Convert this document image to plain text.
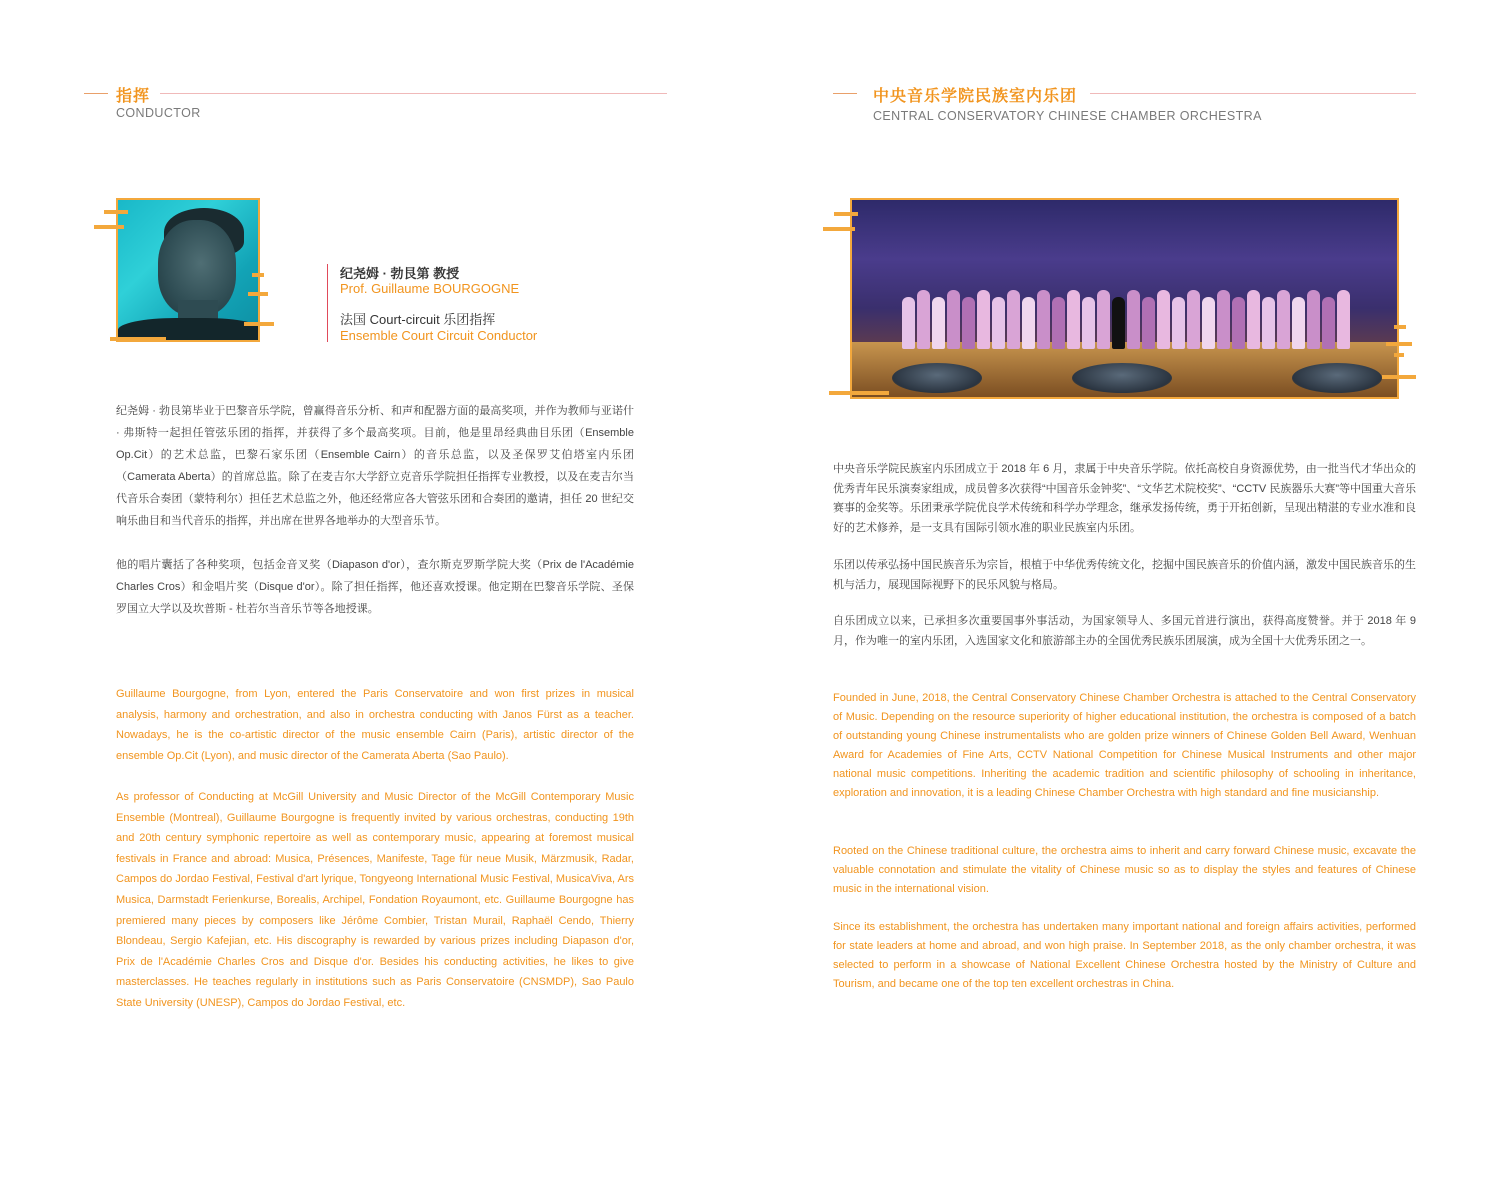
指挥
CONDUCTOR
纪尧姆 · 勃艮第 教授
Prof. Guillaume BOURGOGNE
法国 Court-circuit 乐团指挥
Ensemble Court Circuit Conductor

纪尧姆 · 勃艮第毕业于巴黎音乐学院，曾赢得音乐分析、和声和配器方面的最高奖项，并作为教师与亚诺什 · 弗斯特一起担任管弦乐团的指挥，并获得了多个最高奖项。目前，他是里昂经典曲目乐团（Ensemble Op.Cit）的艺术总监，巴黎石家乐团（Ensemble Cairn）的音乐总监，以及圣保罗艾伯塔室内乐团（Camerata Aberta）的首席总监。除了在麦吉尔大学舒立克音乐学院担任指挥专业教授，以及在麦吉尔当代音乐合奏团（蒙特利尔）担任艺术总监之外，他还经常应各大管弦乐团和合奏团的邀请，担任 20 世纪交响乐曲目和当代音乐的指挥，并出席在世界各地举办的大型音乐节。

他的唱片囊括了各种奖项，包括金音叉奖（Diapason d'or），查尔斯克罗斯学院大奖（Prix de l'Académie Charles Cros）和金唱片奖（Disque d'or）。除了担任指挥，他还喜欢授课。他定期在巴黎音乐学院、圣保罗国立大学以及坎普斯 - 杜若尔当音乐节等各地授课。

Guillaume Bourgogne, from Lyon, entered the Paris Conservatoire and won first prizes in musical analysis, harmony and orchestration, and also in orchestra conducting with Janos Fürst as a teacher. Nowadays, he is the co-artistic director of the music ensemble Cairn (Paris), artistic director of the ensemble Op.Cit (Lyon), and music director of the Camerata Aberta (Sao Paulo).

As professor of Conducting at McGill University and Music Director of the McGill Contemporary Music Ensemble (Montreal), Guillaume Bourgogne is frequently invited by various orchestras, conducting 19th and 20th century symphonic repertoire as well as contemporary music, appearing at foremost musical festivals in France and abroad: Musica, Présences, Manifeste, Tage für neue Musik, Märzmusik, Radar, Campos do Jordao Festival, Festival d'art lyrique, Tongyeong International Music Festival, MusicaViva, Ars Musica, Darmstadt Ferienkurse, Borealis, Archipel, Fondation Royaumont, etc. Guillaume Bourgogne has premiered many pieces by composers like Jérôme Combier, Tristan Murail, Raphaël Cendo, Thierry Blondeau, Sergio Kafejian, etc. His discography is rewarded by various prizes including Diapason d'or, Prix de l'Académie Charles Cros and Disque d'or. Besides his conducting activities, he likes to give masterclasses. He teaches regularly in institutions such as Paris Conservatoire (CNSMDP), Sao Paulo State University (UNESP), Campos do Jordao Festival, etc.

中央音乐学院民族室内乐团
CENTRAL CONSERVATORY CHINESE CHAMBER ORCHESTRA

中央音乐学院民族室内乐团成立于 2018 年 6 月，隶属于中央音乐学院。依托高校自身资源优势，由一批当代才华出众的优秀青年民乐演奏家组成，成员曾多次获得“中国音乐金钟奖”、“文华艺术院校奖”、“CCTV 民族器乐大赛”等中国重大音乐赛事的金奖等。乐团秉承学院优良学术传统和科学办学理念，继承发扬传统，勇于开拓创新，呈现出精湛的专业水准和良好的艺术修养，是一支具有国际引领水准的职业民族室内乐团。

乐团以传承弘扬中国民族音乐为宗旨，根植于中华优秀传统文化，挖掘中国民族音乐的价值内涵，激发中国民族音乐的生机与活力，展现国际视野下的民乐风貌与格局。

自乐团成立以来，已承担多次重要国事外事活动，为国家领导人、多国元首进行演出，获得高度赞誉。并于 2018 年 9 月，作为唯一的室内乐团，入选国家文化和旅游部主办的全国优秀民族乐团展演，成为全国十大优秀乐团之一。

Founded in June, 2018, the Central Conservatory Chinese Chamber Orchestra is attached to the Central Conservatory of Music. Depending on the resource superiority of higher educational institution, the orchestra is composed of a batch of outstanding young Chinese instrumentalists who are golden prize winners of Chinese Golden Bell Award, Wenhuan Award for Academies of Fine Arts, CCTV National Competition for Chinese Musical Instruments and other major national music competitions. Inheriting the academic tradition and scientific philosophy of schooling in inheritance, exploration and innovation, it is a leading Chinese Chamber Orchestra with high standard and fine musicianship.

Rooted on the Chinese traditional culture, the orchestra aims to inherit and carry forward Chinese music, excavate the valuable connotation and stimulate the vitality of Chinese music so as to display the styles and features of Chinese music in the international vision.

Since its establishment, the orchestra has undertaken many important national and foreign affairs activities, performed for state leaders at home and abroad, and won high praise. In September 2018, as the only chamber orchestra, it was selected to perform in a showcase of National Excellent Chinese Orchestra hosted by the Ministry of Culture and Tourism, and became one of the top ten excellent orchestras in China.
